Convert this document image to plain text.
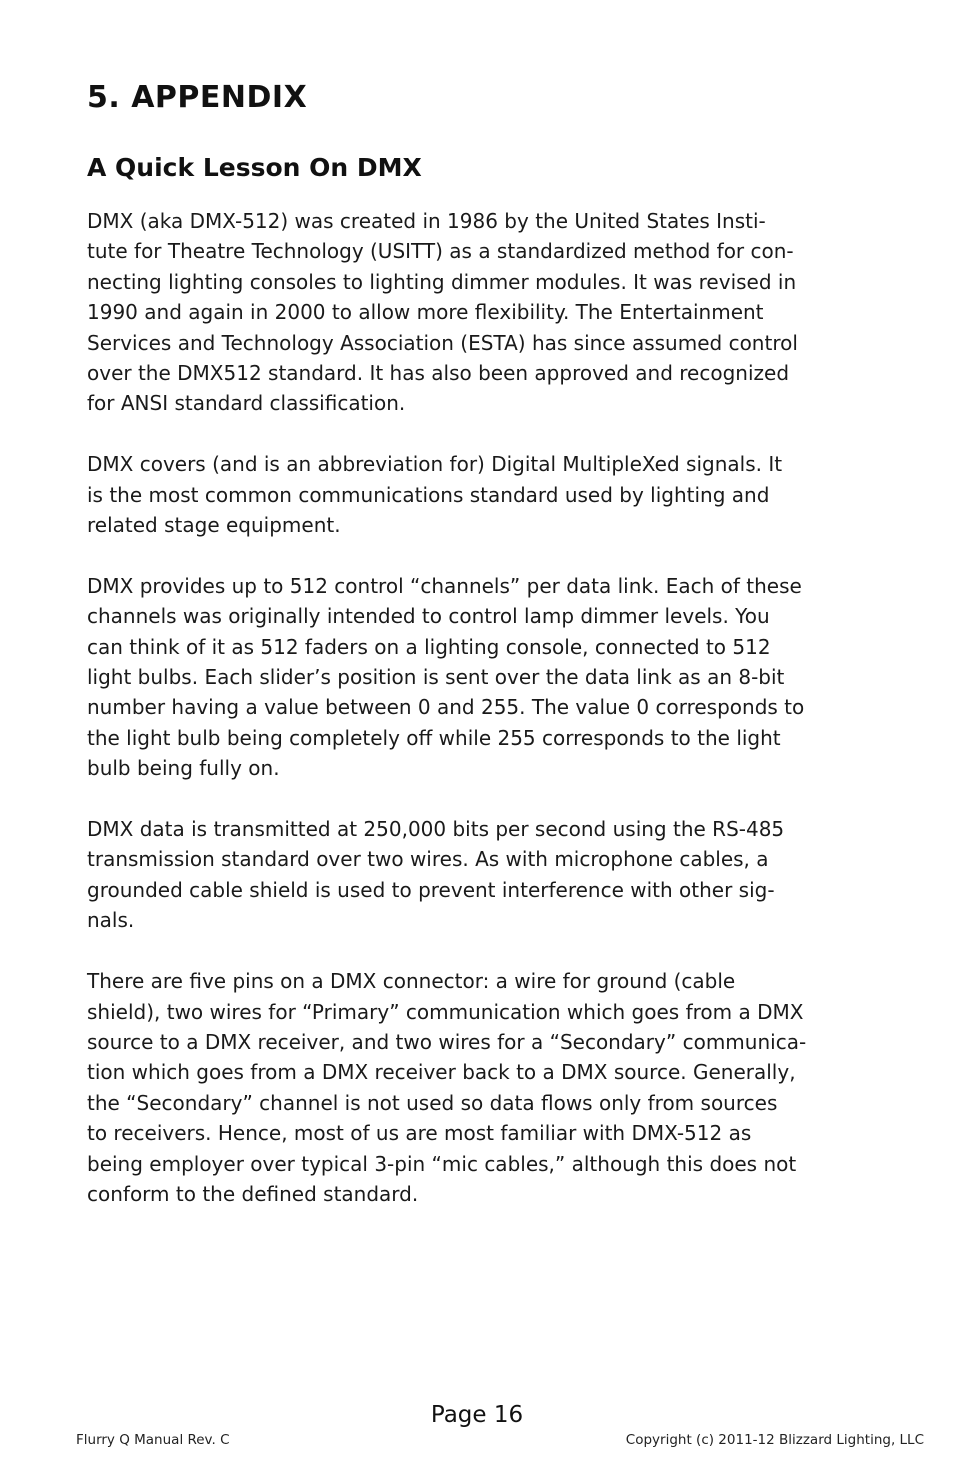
5. APPENDIX
A Quick Lesson On DMX

DMX (aka DMX-512) was created in 1986 by the United States Insti-
tute for Theatre Technology (USITT) as a standardized method for con-
necting lighting consoles to lighting dimmer modules. It was revised in
1990 and again in 2000 to allow more flexibility. The Entertainment
Services and Technology Association (ESTA) has since assumed control
over the DMX512 standard. It has also been approved and recognized
for ANSI standard classification.

DMX covers (and is an abbreviation for) Digital MultipleXed signals. It
is the most common communications standard used by lighting and
related stage equipment.

DMX provides up to 512 control “channels” per data link. Each of these
channels was originally intended to control lamp dimmer levels. You
can think of it as 512 faders on a lighting console, connected to 512
light bulbs. Each slider’s position is sent over the data link as an 8-bit
number having a value between 0 and 255. The value 0 corresponds to
the light bulb being completely off while 255 corresponds to the light
bulb being fully on.

DMX data is transmitted at 250,000 bits per second using the RS-485
transmission standard over two wires. As with microphone cables, a
grounded cable shield is used to prevent interference with other sig-
nals.

There are five pins on a DMX connector: a wire for ground (cable
shield), two wires for “Primary” communication which goes from a DMX
source to a DMX receiver, and two wires for a “Secondary” communica-
tion which goes from a DMX receiver back to a DMX source. Generally,
the “Secondary” channel is not used so data flows only from sources
to receivers. Hence, most of us are most familiar with DMX-512 as
being employer over typical 3-pin “mic cables,” although this does not
conform to the defined standard.

Page 16
Flurry Q Manual Rev. C	Copyright (c) 2011-12 Blizzard Lighting, LLC
